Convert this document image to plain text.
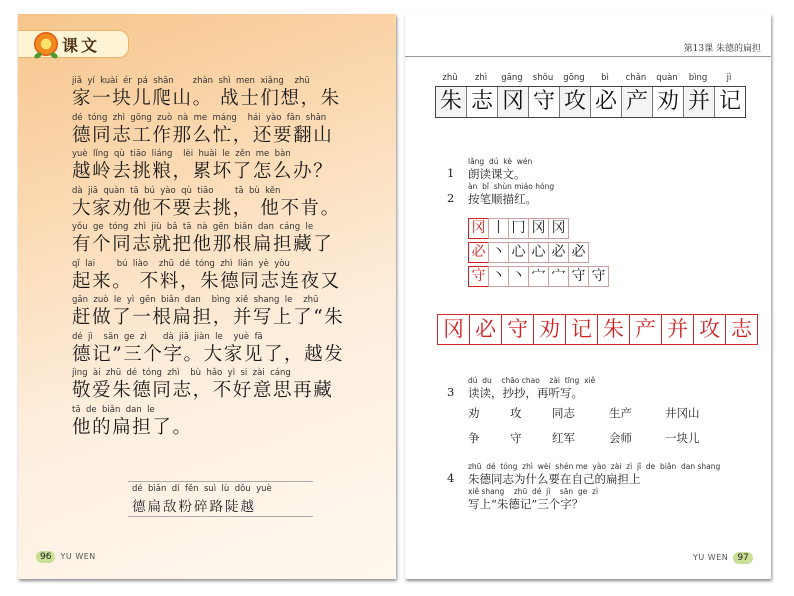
课文
jiā  yí  kuài  ér  pá  shān       zhàn  shì  men  xiǎng    zhū
家一块儿爬山。 战士们想，朱
dé  tóng  zhì  gōng  zuò  nà  me  máng    hái  yào  fān  shān
德同志工作那么忙，还要翻山
yuè  lǐng  qù  tiāo  liáng    lèi  huài  le  zěn  me  bàn
越岭去挑粮，累坏了怎么办？
dà  jiā  quàn  tā  bú  yào  qù  tiāo        tā  bù  kěn
大家劝他不要去挑， 他不肯。
yǒu  ge  tóng  zhì  jiù  bǎ  tā  nà  gēn  biǎn  dan  cáng  le
有个同志就把他那根扁担藏了
qǐ  lai        bú  liào    zhū  dé  tóng  zhì  lián  yè  yòu
起来。 不料，朱德同志连夜又
gǎn  zuò  le  yì  gēn  biǎn  dan    bìng  xiě  shang  le    zhū
赶做了一根扁担，并写上了“朱
dé  jì    sān  ge  zì      dà  jiā  jiàn  le    yuè  fā
德记”三个字。大家见了，越发
jìng  ài  zhū  dé  tóng  zhì    bù  hǎo  yì  si  zài  cáng
敬爱朱德同志，不好意思再藏
tā  de  biǎn  dan  le
他的扁担了。
dé  biǎn  dí  fěn  suì  lù  dǒu  yuè
德扁敌粉碎路陡越
96 YU WEN
第13课 朱德的扁担
zhū	zhì	gāng	shǒu	gōng	bì	chǎn	quàn	bìng	jì
朱 志 冈 守 攻 必 产 劝 并 记
lǎng  dú  kè  wén
1 朗读课文。
àn  bǐ  shùn miáo hóng
2 按笔顺描红。
冈 丨 冂 冈 冈
必 丶 心 心 必 必
守 丶 丶 宀 宀 守 守
冈 必 守 劝 记 朱 产 并 攻 志
dú  du    chāo chao    zài  tīng  xiě
3 读读，抄抄，再听写。
劝	攻	同志	生产	井冈山
争	守	红军	会师	一块儿
zhū  dé  tóng  zhì  wèi  shén me  yào  zài  zì  jǐ  de  biǎn  dan shang
4 朱德同志为什么要在自己的扁担上
xiě shang    zhū  dé  jì    sān  ge  zì
写上“朱德记”三个字？
YU WEN 97
